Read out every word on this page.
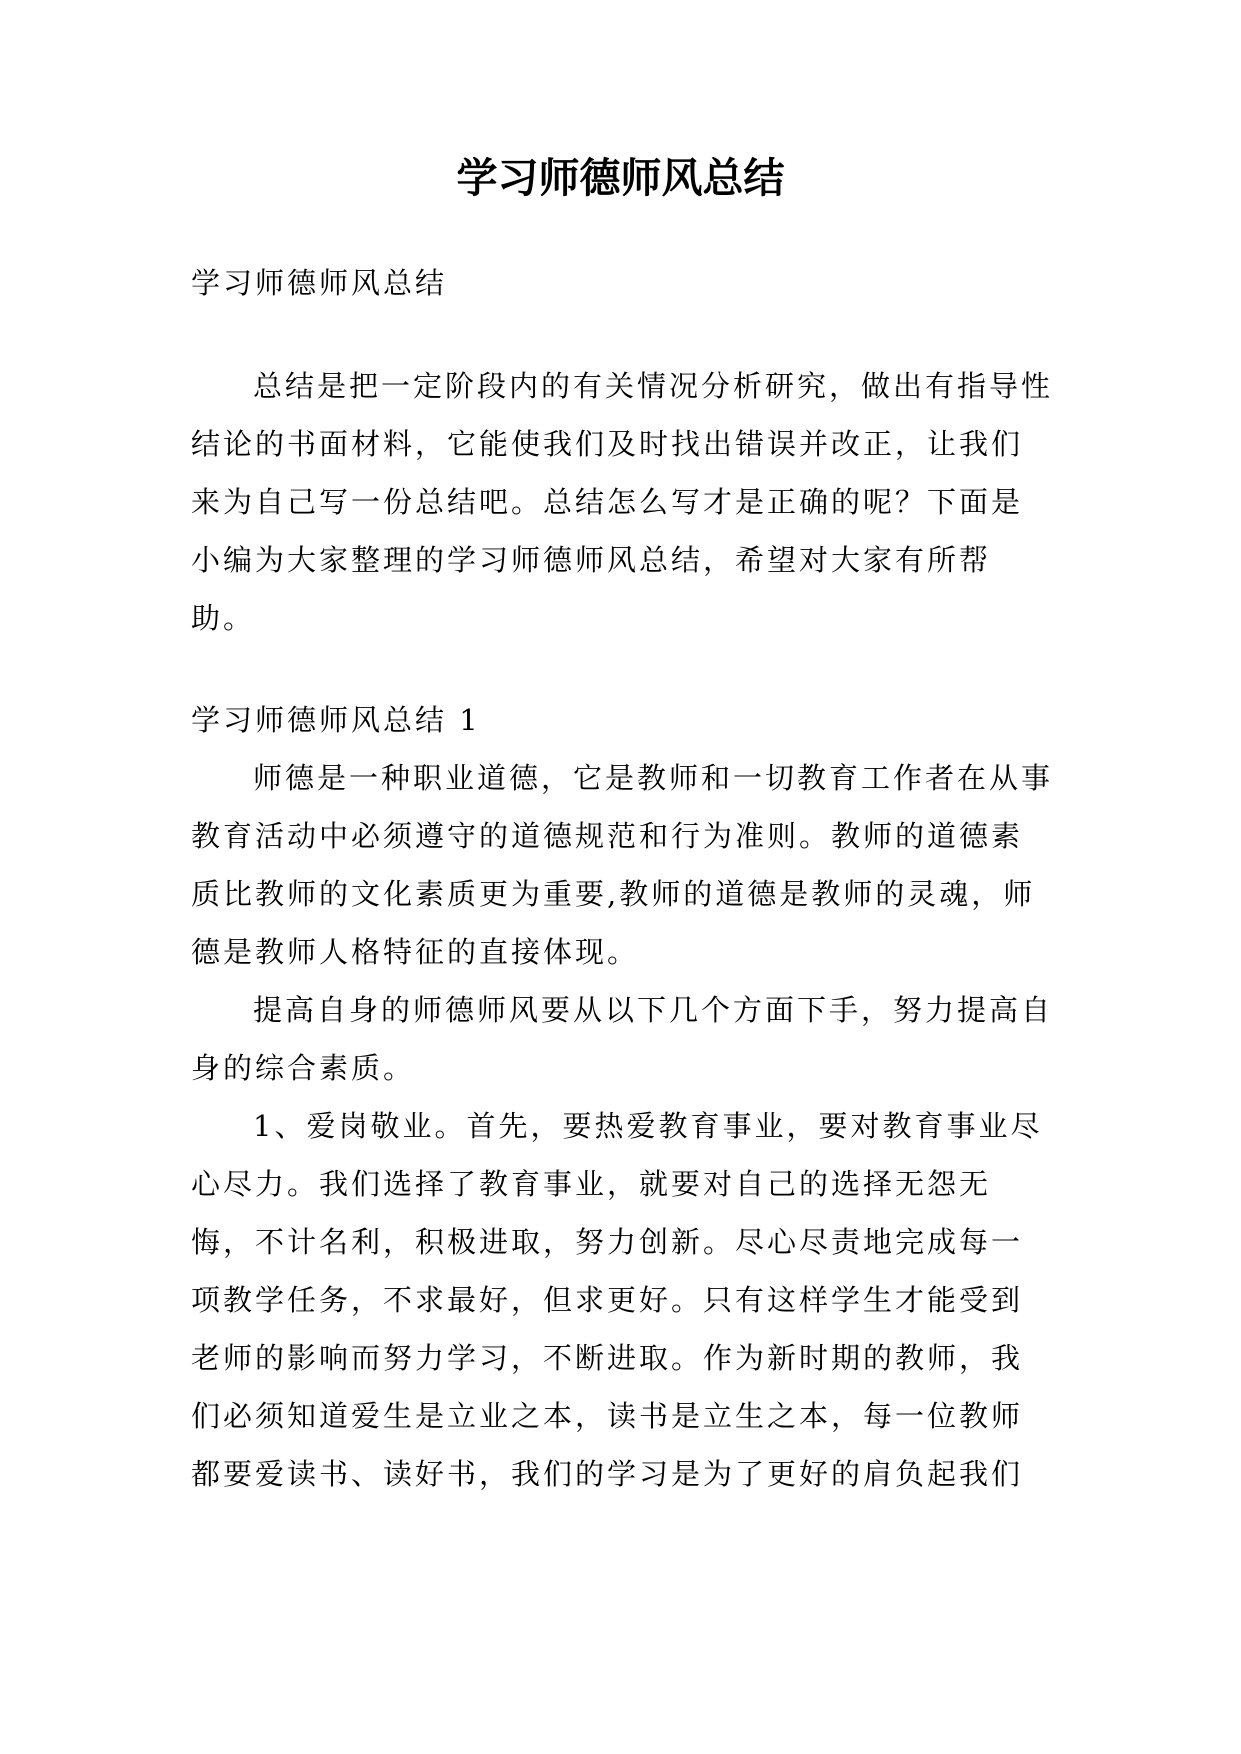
学习师德师风总结

学习师德师风总结

总结是把一定阶段内的有关情况分析研究，做出有指导性结论的书面材料，它能使我们及时找出错误并改正，让我们来为自己写一份总结吧。总结怎么写才是正确的呢？下面是小编为大家整理的学习师德师风总结，希望对大家有所帮助。

学习师德师风总结 1

师德是一种职业道德，它是教师和一切教育工作者在从事教育活动中必须遵守的道德规范和行为准则。教师的道德素质比教师的文化素质更为重要,教师的道德是教师的灵魂，师德是教师人格特征的直接体现。

提高自身的师德师风要从以下几个方面下手，努力提高自身的综合素质。

1、爱岗敬业。首先，要热爱教育事业，要对教育事业尽心尽力。我们选择了教育事业，就要对自己的选择无怨无悔，不计名利，积极进取，努力创新。尽心尽责地完成每一项教学任务，不求最好，但求更好。只有这样学生才能受到老师的影响而努力学习，不断进取。作为新时期的教师，我们必须知道爱生是立业之本，读书是立生之本，每一位教师都要爱读书、读好书，我们的学习是为了更好的肩负起我们
